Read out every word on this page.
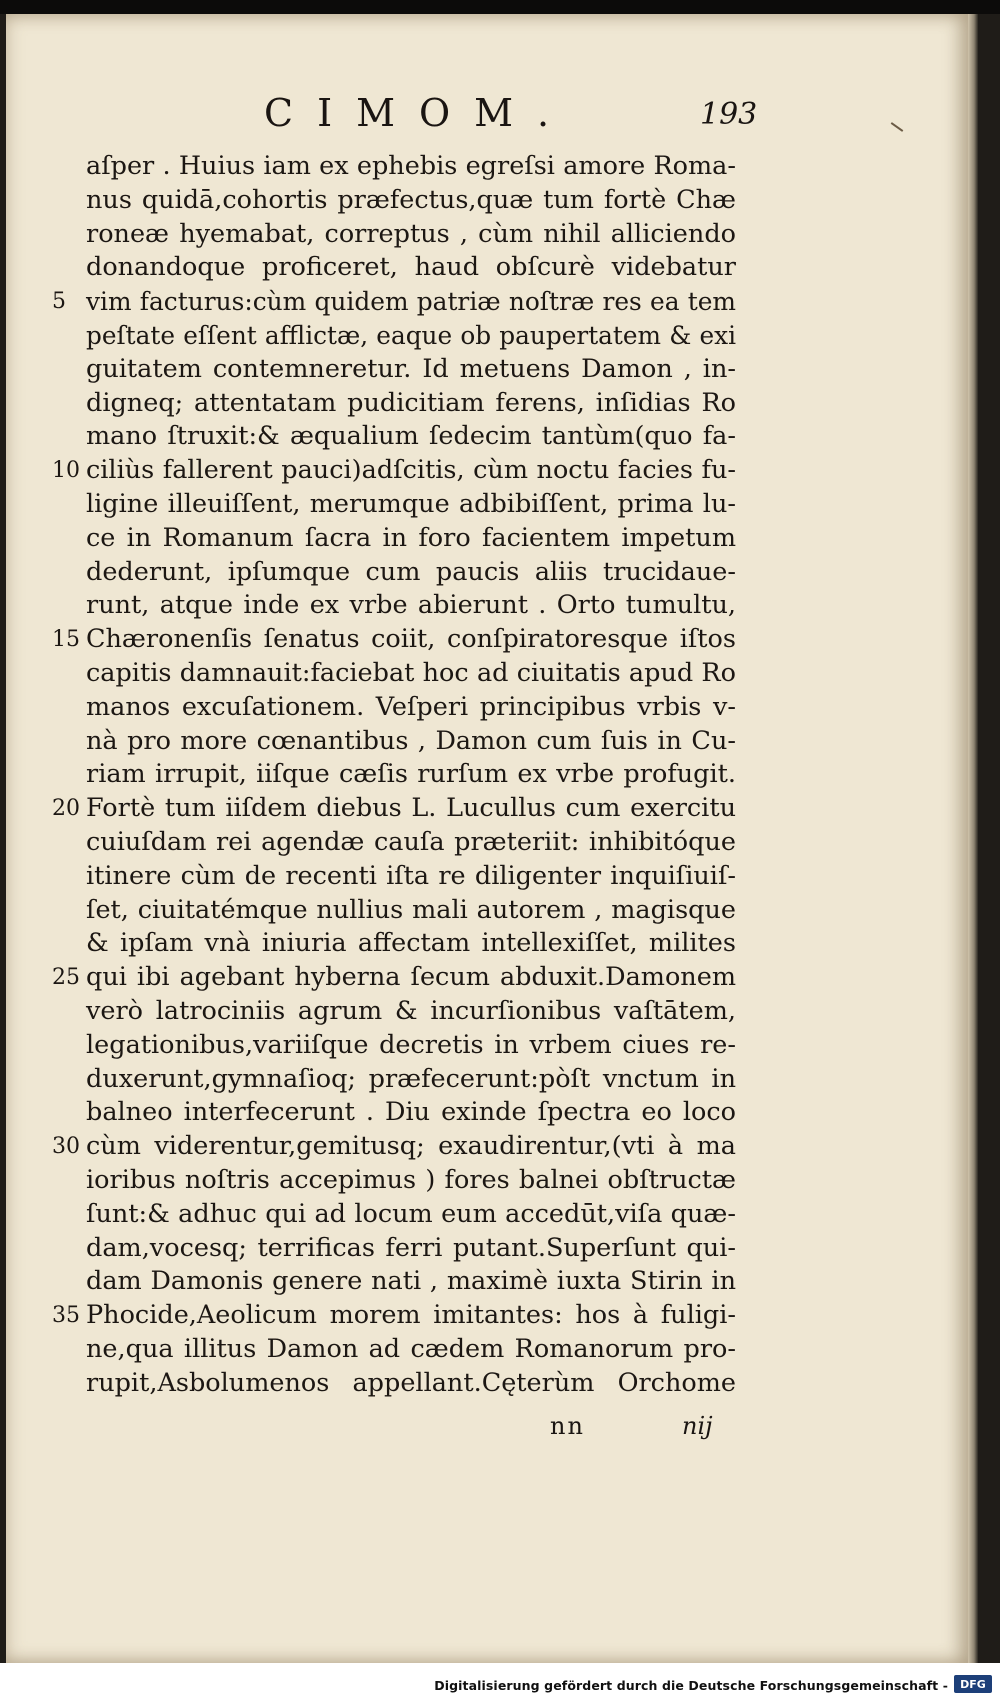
CIMOM.	193
aſper . Huius iam ex ephebis egreſsi amore Roma-
nus quidā,cohortis præfectus,quæ tum fortè Chæ
roneæ hyemabat, correptus , cùm nihil alliciendo
donandoque proficeret, haud obſcurè videbatur
vim facturus:cùm quidem patriæ noſtræ res ea tem
5
peſtate eſſent afflictæ, eaque ob paupertatem & exi
guitatem contemneretur. Id metuens Damon , in-
digneq; attentatam pudicitiam ferens, inſidias Ro
mano ſtruxit:& æqualium ſedecim tantùm(quo fa-
ciliùs fallerent pauci)adſcitis, cùm noctu facies fu-
10
ligine illeuiſſent, merumque adbibiſſent, prima lu-
ce in Romanum ſacra in foro facientem impetum
dederunt, ipſumque cum paucis aliis trucidaue-
runt, atque inde ex vrbe abierunt . Orto tumultu,
Chæronenſis ſenatus coiit, conſpiratoresque iſtos
15
capitis damnauit:faciebat hoc ad ciuitatis apud Ro
manos excuſationem. Veſperi principibus vrbis v-
nà pro more cœnantibus , Damon cum ſuis in Cu-
riam irrupit, iiſque cæſis rurſum ex vrbe profugit.
Fortè tum iiſdem diebus L. Lucullus cum exercitu
20
cuiuſdam rei agendæ cauſa præteriit: inhibitóque
itinere cùm de recenti iſta re diligenter inquiſiuiſ-
ſet, ciuitatémque nullius mali autorem , magisque
& ipſam vnà iniuria affectam intellexiſſet, milites
qui ibi agebant hyberna ſecum abduxit.Damonem
25
verò latrociniis agrum & incurſionibus vaſtātem,
legationibus,variiſque decretis in vrbem ciues re-
duxerunt,gymnaſioq; præfecerunt:pòſt vnctum in
balneo interfecerunt . Diu exinde ſpectra eo loco
cùm viderentur,gemitusq; exaudirentur,(vti à ma
30
ioribus noſtris accepimus ) fores balnei obſtructæ
ſunt:& adhuc qui ad locum eum accedūt,viſa quæ-
dam,vocesq; terrificas ferri putant.Superſunt qui-
dam Damonis genere nati , maximè iuxta Stirin in
Phocide,Aeolicum morem imitantes: hos à fuligi-
35
ne,qua illitus Damon ad cædem Romanorum pro-
rupit,Asbolumenos appellant.Cęterùm Orchome
nn	nij
Digitalisierung gefördert durch die Deutsche Forschungsgemeinschaft -	DFG
